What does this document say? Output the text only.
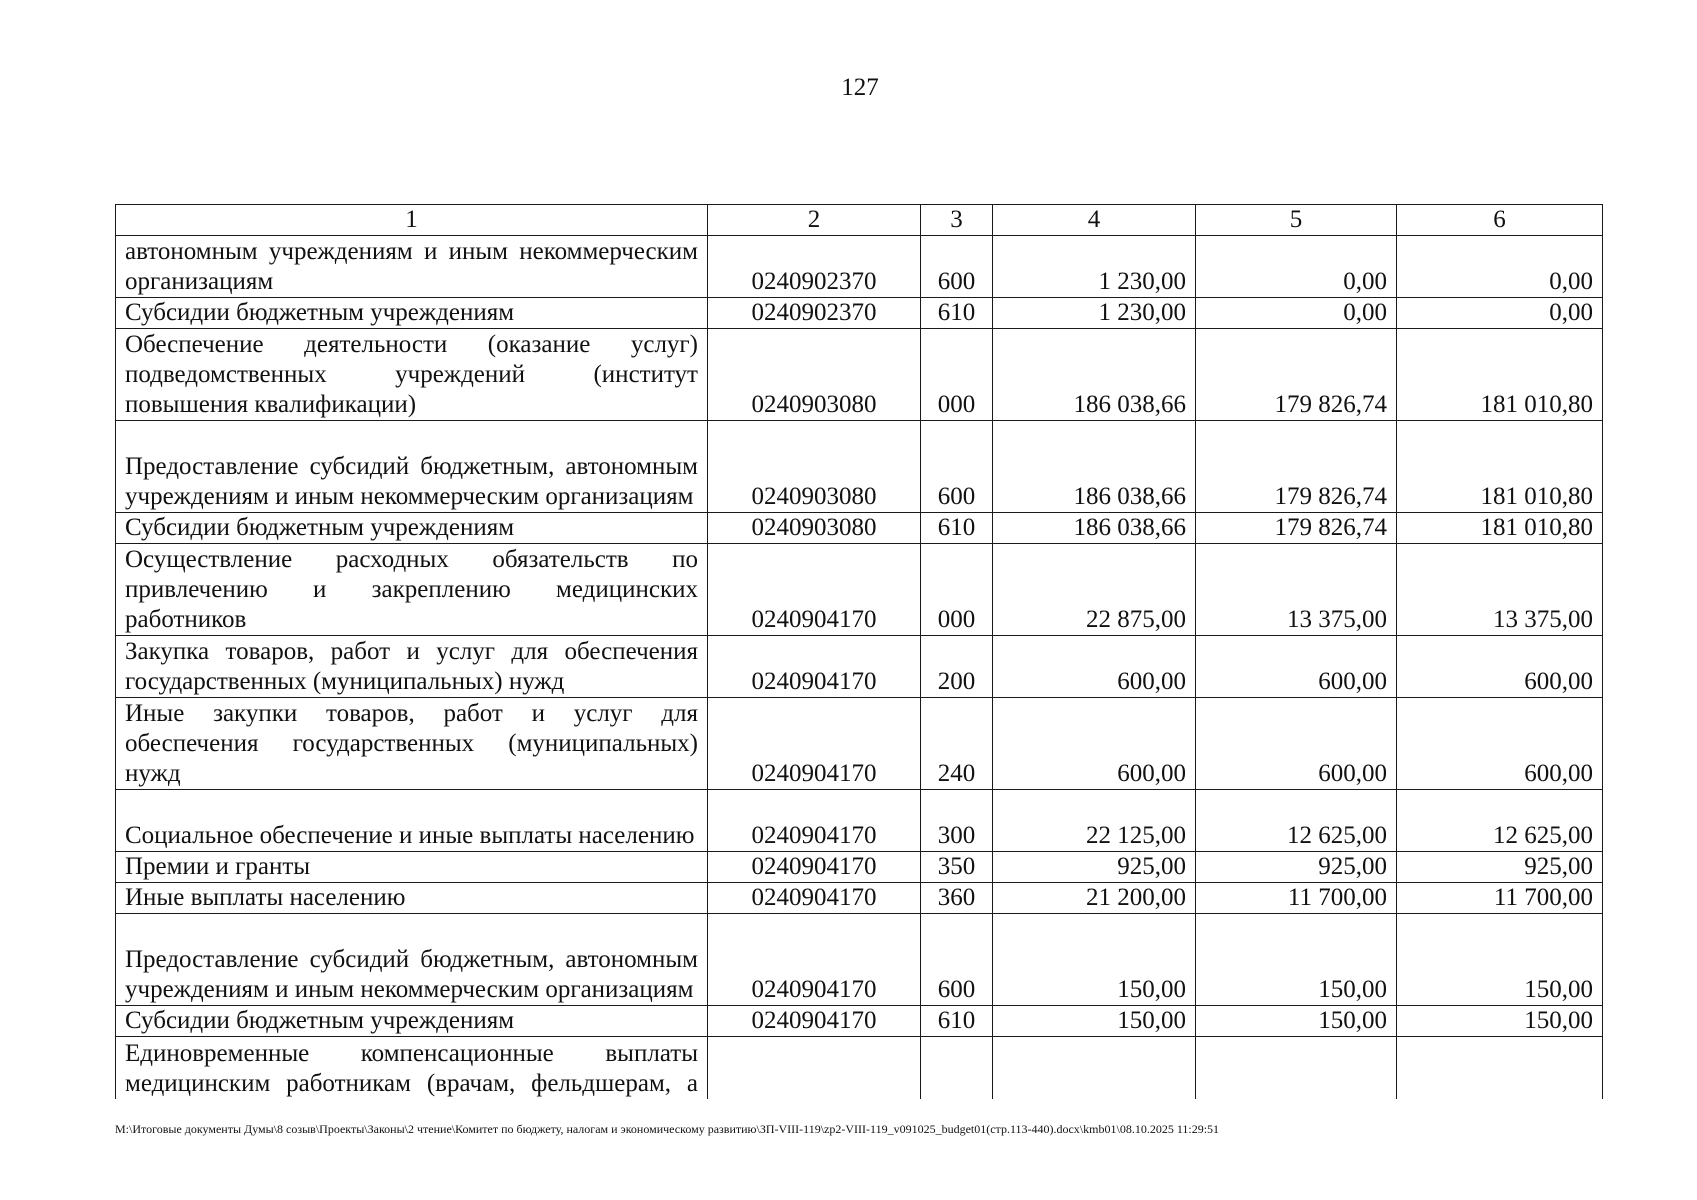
127
1	2	3	4	5	6
автономным учреждениям и иным некоммерческим организациям	0240902370	600	1 230,00	0,00	0,00
Субсидии бюджетным учреждениям	0240902370	610	1 230,00	0,00	0,00
Обеспечение деятельности (оказание услуг) подведомственных учреждений (институт повышения квалификации)	0240903080	000	186 038,66	179 826,74	181 010,80
Предоставление субсидий бюджетным, автономным учреждениям и иным некоммерческим организациям	0240903080	600	186 038,66	179 826,74	181 010,80
Субсидии бюджетным учреждениям	0240903080	610	186 038,66	179 826,74	181 010,80
Осуществление расходных обязательств по привлечению и закреплению медицинских работников	0240904170	000	22 875,00	13 375,00	13 375,00
Закупка товаров, работ и услуг для обеспечения государственных (муниципальных) нужд	0240904170	200	600,00	600,00	600,00
Иные закупки товаров, работ и услуг для обеспечения государственных (муниципальных) нужд	0240904170	240	600,00	600,00	600,00
Социальное обеспечение и иные выплаты населению	0240904170	300	22 125,00	12 625,00	12 625,00
Премии и гранты	0240904170	350	925,00	925,00	925,00
Иные выплаты населению	0240904170	360	21 200,00	11 700,00	11 700,00
Предоставление субсидий бюджетным, автономным учреждениям и иным некоммерческим организациям	0240904170	600	150,00	150,00	150,00
Субсидии бюджетным учреждениям	0240904170	610	150,00	150,00	150,00
Единовременные компенсационные выплаты медицинским работникам (врачам, фельдшерам, а					
M:\Итоговые документы Думы\8 созыв\Проекты\Законы\2 чтение\Комитет по бюджету, налогам и экономическому развитию\ЗП-VIII-119\zp2-VIII-119_v091025_budget01(стр.113-440).docx\kmb01\08.10.2025 11:29:51
